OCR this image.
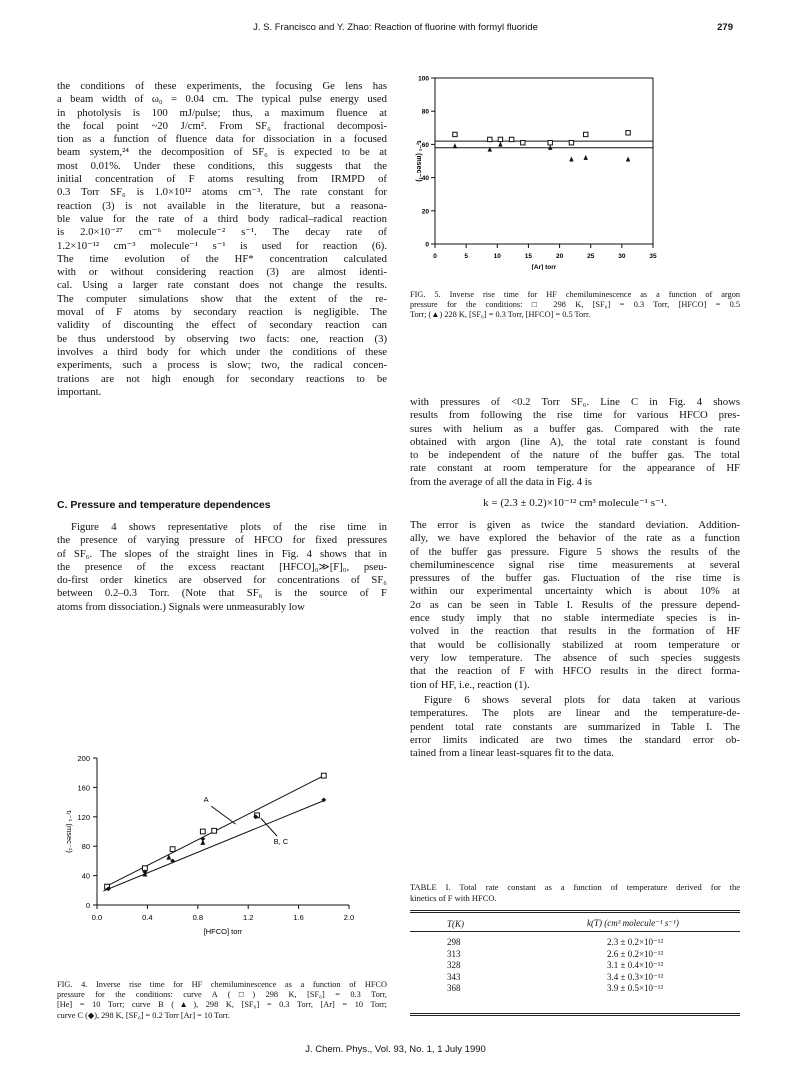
J. S. Francisco and Y. Zhao: Reaction of fluorine with formyl fluoride	279
the conditions of these experiments, the focusing Ge lens has
a beam width of ω₀ = 0.04 cm. The typical pulse energy used
in photolysis is 100 mJ/pulse; thus, a maximum fluence at
the focal point ~20 J/cm². From SF₆ fractional decomposi-
tion as a function of fluence data for dissociation in a focused
beam system,²⁴ the decomposition of SF₆ is expected to be at
most 0.01%. Under these conditions, this suggests that the
initial concentration of F atoms resulting from IRMPD of
0.3 Torr SF₆ is 1.0×10¹² atoms cm⁻³. The rate constant for
reaction (3) is not available in the literature, but a reasona-
ble value for the rate of a third body radical–radical reaction
is 2.0×10⁻²⁷ cm⁻⁶ molecule⁻² s⁻¹. The decay rate of
1.2×10⁻¹² cm⁻³ molecule⁻¹ s⁻¹ is used for reaction (6).
The time evolution of the HF* concentration calculated
with or without considering reaction (3) are almost identi-
cal. Using a larger rate constant does not change the results.
The computer simulations show that the extent of the re-
moval of F atoms by secondary reaction is negligible. The
validity of discounting the effect of secondary reaction can
be thus understood by observing two facts: one, reaction (3)
involves a third body for which under the conditions of these
experiments, such a process is slow; two, the radical concen-
trations are not high enough for secondary reactions to be
important.
C. Pressure and temperature dependences
Figure 4 shows representative plots of the rise time in
the presence of varying pressure of HFCO for fixed pressures
of SF₆. The slopes of the straight lines in Fig. 4 shows that in
the presence of the excess reactant [HFCO]₀≫[F]₀, pseu-
do-first order kinetics are observed for concentrations of SF₆
between 0.2–0.3 Torr. (Note that SF₆ is the source of F
atoms from dissociation.) Signals were unmeasurably low
with pressures of <0.2 Torr SF₆. Line C in Fig. 4 shows
results from following the rise time for various HFCO pres-
sures with helium as a buffer gas. Compared with the rate
obtained with argon (line A), the total rate constant is found
to be independent of the nature of the buffer gas. The total
rate constant at room temperature for the appearance of HF
from the average of all the data in Fig. 4 is
k = (2.3 ± 0.2)×10⁻¹² cm³ molecule⁻¹ s⁻¹.
The error is given as twice the standard deviation. Addition-
ally, we have explored the behavior of the rate as a function
of the buffer gas pressure. Figure 5 shows the results of the
chemiluminescence signal rise time measurements at several
pressures of the buffer gas. Fluctuation of the rise time is
within our experimental uncertainty which is about 10% at
2σ as can be seen in Table I. Results of the pressure depend-
ence study imply that no stable intermediate species is in-
volved in the reaction that results in the formation of HF
that would be collisionally stabilized at room temperature or
very low temperature. The absence of such species suggests
that the reaction of F with HFCO results in the direct forma-
tion of HF, i.e., reaction (1).
Figure 6 shows several plots for data taken at various
temperatures. The plots are linear and the temperature-de-
pendent total rate constants are summarized in Table I. The
error limits indicated are two times the standard error ob-
tained from a linear least-squares fit to the data.
0
20
40
60
80
100
0	5	10	15	20	25	30	35
[Ar] torr
τᵣ⁻¹ (msec⁻¹)
FIG. 5. Inverse rise time for HF chemiluminescence as a function of argon
pressure for the conditions: □ 298 K, [SF₆] = 0.3 Torr, [HFCO] = 0.5
Torr; (▲) 228 K, [SF₆] = 0.3 Torr, [HFCO] = 0.5 Torr.
0
40
80
120
160
200
0.0	0.4	0.8	1.2	1.6	2.0
[HFCO] torr
τᵣ⁻¹ (msec⁻¹)
A
B, C
FIG. 4. Inverse rise time for HF chemiluminescence as a function of HFCO
pressure for the conditions: curve A (□) 298 K, [SF₆] = 0.3 Torr,
[He] = 10 Torr; curve B (▲), 298 K, [SF₆] = 0.3 Torr, [Ar] = 10 Torr;
curve C (◆), 298 K, [SF₆] = 0.2 Torr [Ar] = 10 Torr.
TABLE I. Total rate constant as a function of temperature derived for the
kinetics of F with HFCO.
T(K)	k(T) (cm³ molecule⁻¹ s⁻¹)
298	2.3 ± 0.2×10⁻¹²
313	2.6 ± 0.2×10⁻¹²
328	3.1 ± 0.4×10⁻¹²
343	3.4 ± 0.3×10⁻¹²
368	3.9 ± 0.5×10⁻¹²
J. Chem. Phys., Vol. 93, No. 1, 1 July 1990
